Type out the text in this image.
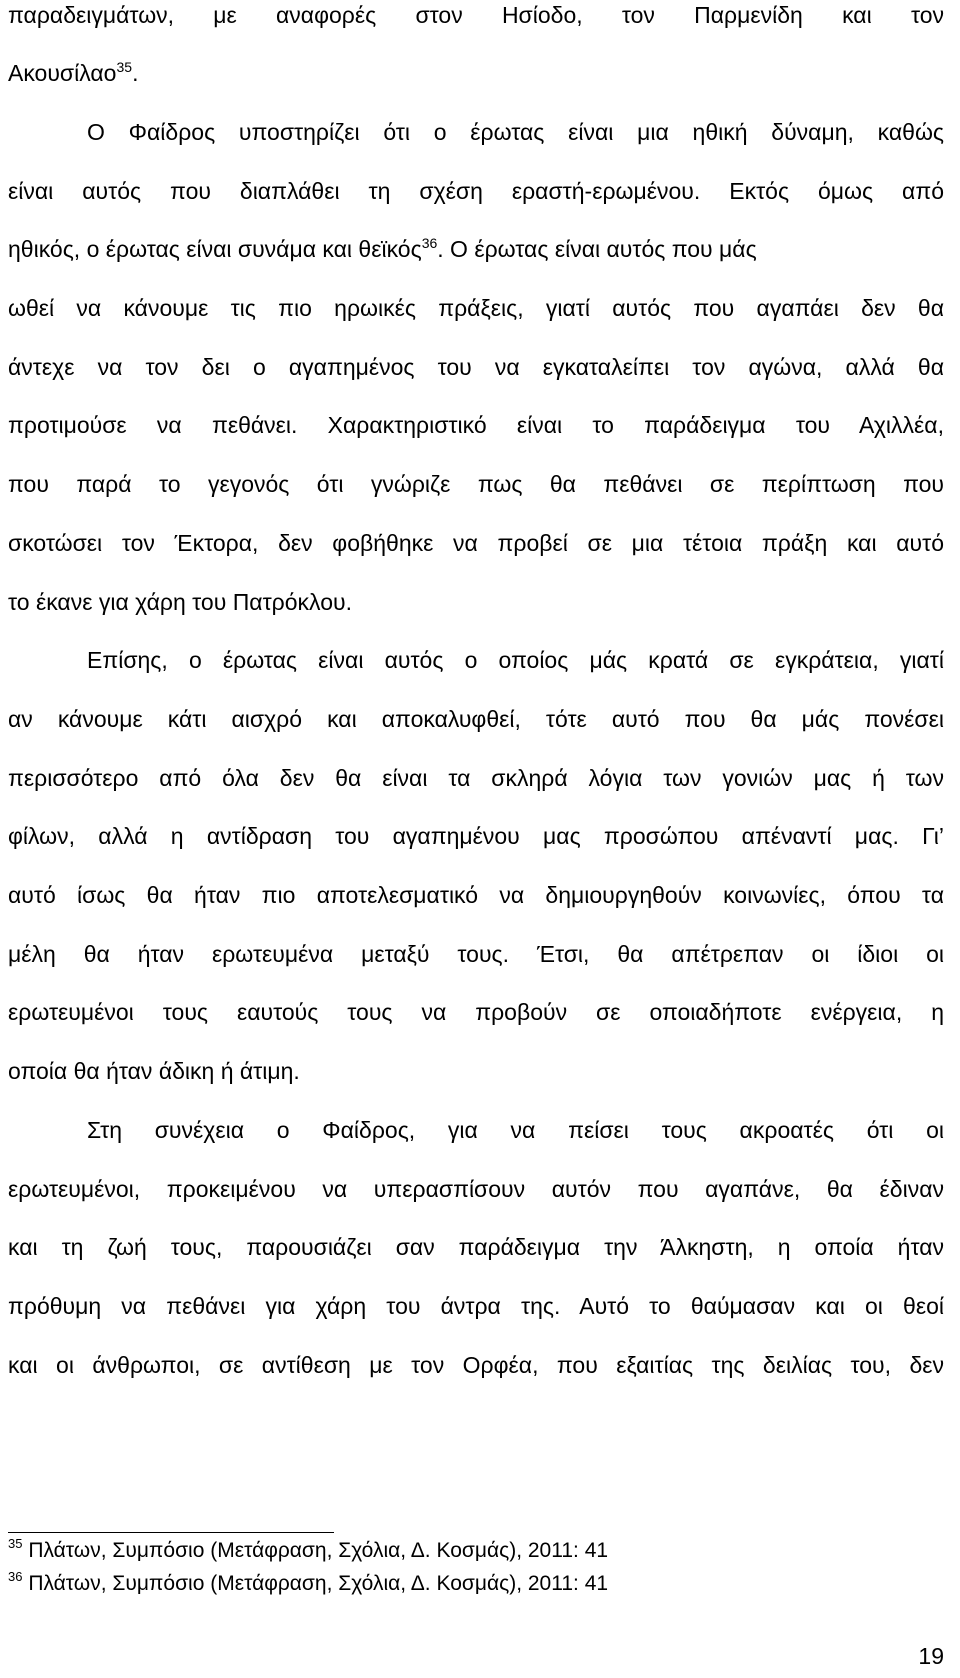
παραδειγμάτων, με αναφορές στον Ησίοδο, τον Παρμενίδη και τον
Ακουσίλαο$^{35}$.
Ο Φαίδρος υποστηρίζει ότι ο έρωτας είναι μια ηθική δύναμη, καθώς
είναι αυτός που διαπλάθει τη σχέση εραστή-ερωμένου. Εκτός όμως από
ηθικός, ο έρωτας είναι συνάμα και θεϊκός$^{36}$. Ο έρωτας είναι αυτός που μάς
ωθεί να κάνουμε τις πιο ηρωικές πράξεις, γιατί αυτός που αγαπάει δεν θα
άντεχε να τον δει ο αγαπημένος του να εγκαταλείπει τον αγώνα, αλλά θα
προτιμούσε να πεθάνει. Χαρακτηριστικό είναι το παράδειγμα του Αχιλλέα,
που παρά το γεγονός ότι γνώριζε πως θα πεθάνει σε περίπτωση που
σκοτώσει τον Έκτορα, δεν φοβήθηκε να προβεί σε μια τέτοια πράξη και αυτό
το έκανε για χάρη του Πατρόκλου.
Επίσης, ο έρωτας είναι αυτός ο οποίος μάς κρατά σε εγκράτεια, γιατί
αν κάνουμε κάτι αισχρό και αποκαλυφθεί, τότε αυτό που θα μάς πονέσει
περισσότερο από όλα δεν θα είναι τα σκληρά λόγια των γονιών μας ή των
φίλων, αλλά η αντίδραση του αγαπημένου μας προσώπου απέναντί μας. Γι’
αυτό ίσως θα ήταν πιο αποτελεσματικό να δημιουργηθούν κοινωνίες, όπου τα
μέλη θα ήταν ερωτευμένα μεταξύ τους. Έτσι, θα απέτρεπαν οι ίδιοι οι
ερωτευμένοι τους εαυτούς τους να προβούν σε οποιαδήποτε ενέργεια, η
οποία θα ήταν άδικη ή άτιμη.
Στη συνέχεια ο Φαίδρος, για να πείσει τους ακροατές ότι οι
ερωτευμένοι, προκειμένου να υπερασπίσουν αυτόν που αγαπάνε, θα έδιναν
και τη ζωή τους, παρουσιάζει σαν παράδειγμα την Άλκηστη, η οποία ήταν
πρόθυμη να πεθάνει για χάρη του άντρα της. Αυτό το θαύμασαν και οι θεοί
και οι άνθρωποι, σε αντίθεση με τον Ορφέα, που εξαιτίας της δειλίας του, δεν
$^{35}$ Πλάτων, Συμπόσιο (Μετάφραση, Σχόλια, Δ. Κοσμάς), 2011: 41
$^{36}$ Πλάτων, Συμπόσιο (Μετάφραση, Σχόλια, Δ. Κοσμάς), 2011: 41
19
